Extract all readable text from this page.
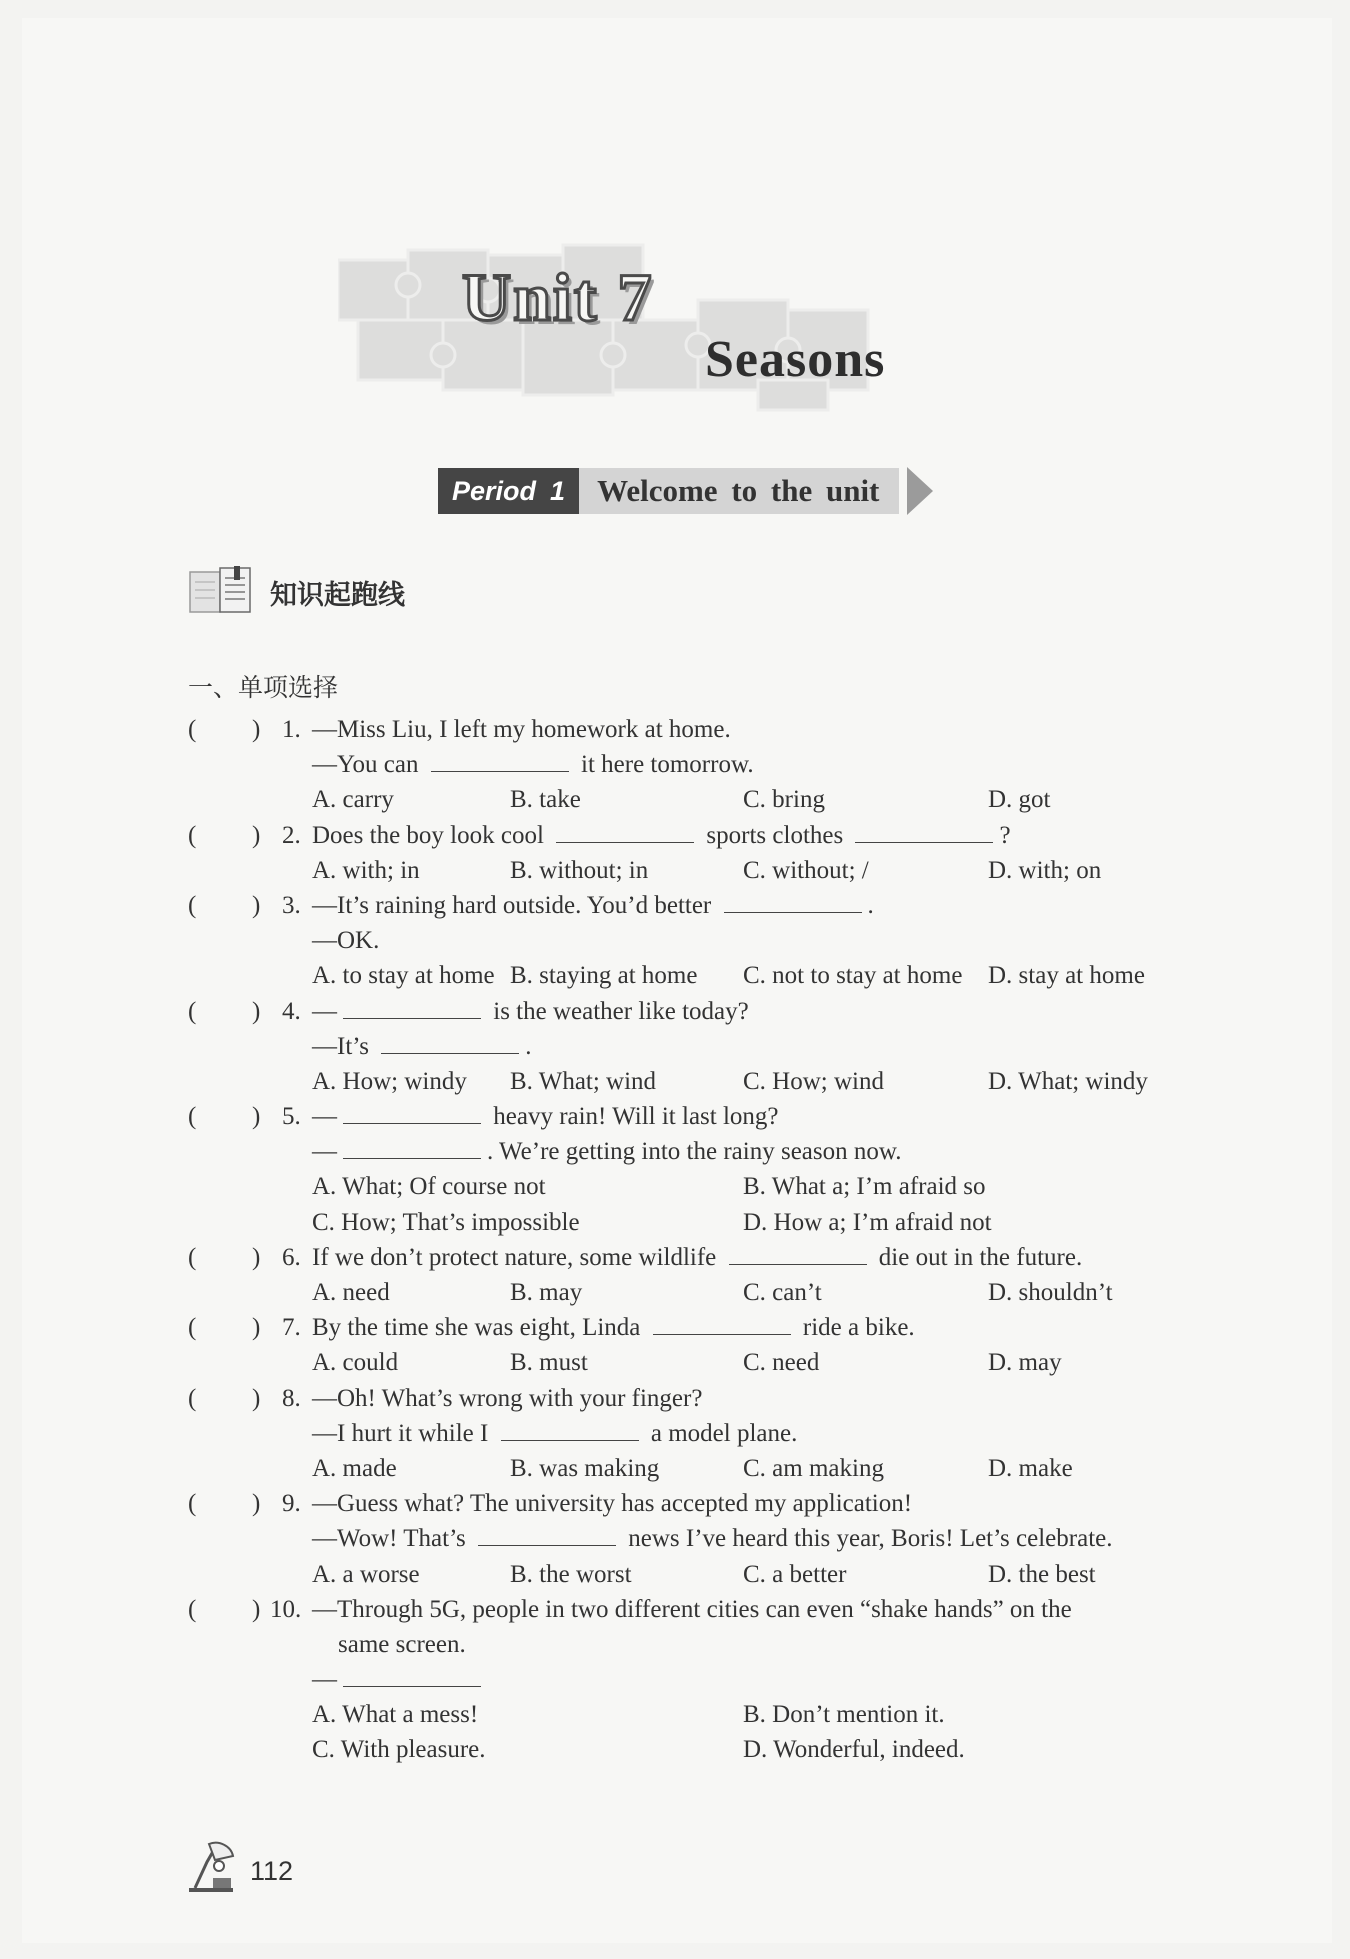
Unit 7
Seasons
Period 1	Welcome to the unit
知识起跑线
一、单项选择
( ) 1. —Miss Liu, I left my homework at home.
—You can	it here tomorrow.
A. carry	B. take	C. bring	D. got
( ) 2. Does the boy look cool	sports clothes	?
A. with; in	B. without; in	C. without; /	D. with; on
( ) 3. —It’s raining hard outside. You’d better	.
—OK.
A. to stay at home B. staying at home C. not to stay at home D. stay at home
( ) 4. —	is the weather like today?
—It’s	.
A. How; windy B. What; wind	C. How; wind	D. What; windy
( ) 5. —	heavy rain! Will it last long?
—	. We’re getting into the rainy season now.
A. What; Of course not	B. What a; I’m afraid so
C. How; That’s impossible	D. How a; I’m afraid not
( ) 6. If we don’t protect nature, some wildlife	die out in the future.
A. need	B. may	C. can’t	D. shouldn’t
( ) 7. By the time she was eight, Linda	ride a bike.
A. could	B. must	C. need	D. may
( ) 8. —Oh! What’s wrong with your finger?
—I hurt it while I	a model plane.
A. made	B. was making	C. am making	D. make
( ) 9. —Guess what? The university has accepted my application!
—Wow! That’s	news I’ve heard this year, Boris! Let’s celebrate.
A. a worse	B. the worst	C. a better	D. the best
( ) 10. —Through 5G, people in two different cities can even “shake hands” on the
same screen.
—
A. What a mess!	B. Don’t mention it.
C. With pleasure.	D. Wonderful, indeed.
112
